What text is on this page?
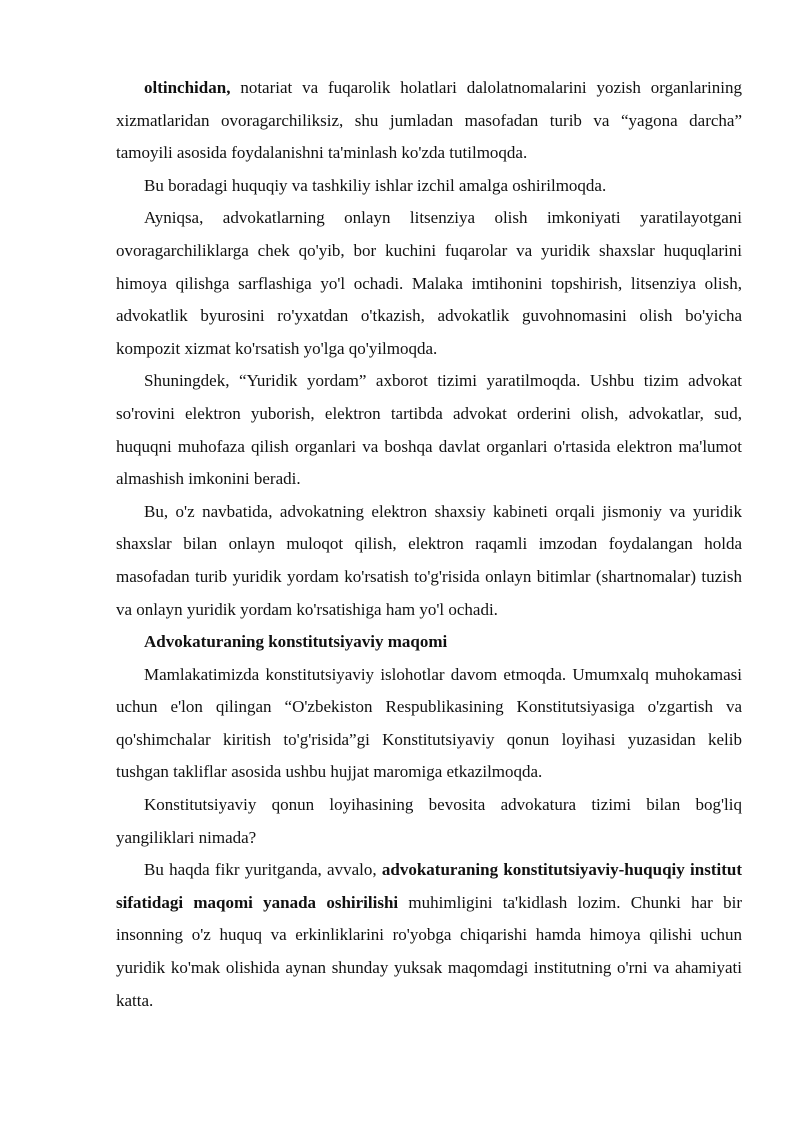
oltinchidan, notariat va fuqarolik holatlari dalolatnomalarini yozish organlarining xizmatlaridan ovoragarchiliksiz, shu jumladan masofadan turib va “yagona darcha” tamoyili asosida foydalanishni ta'minlash ko'zda tutilmoqda.

Bu boradagi huquqiy va tashkiliy ishlar izchil amalga oshirilmoqda.

Ayniqsa, advokatlarning onlayn litsenziya olish imkoniyati yaratilayotgani ovoragarchiliklarga chek qo'yib, bor kuchini fuqarolar va yuridik shaxslar huquqlarini himoya qilishga sarflashiga yo'l ochadi. Malaka imtihonini topshirish, litsenziya olish, advokatlik byurosini ro'yxatdan o'tkazish, advokatlik guvohnomasini olish bo'yicha kompozit xizmat ko'rsatish yo'lga qo'yilmoqda.

Shuningdek, “Yuridik yordam” axborot tizimi yaratilmoqda. Ushbu tizim advokat so'rovini elektron yuborish, elektron tartibda advokat orderini olish, advokatlar, sud, huquqni muhofaza qilish organlari va boshqa davlat organlari o'rtasida elektron ma'lumot almashish imkonini beradi.

Bu, o'z navbatida, advokatning elektron shaxsiy kabineti orqali jismoniy va yuridik shaxslar bilan onlayn muloqot qilish, elektron raqamli imzodan foydalangan holda masofadan turib yuridik yordam ko'rsatish to'g'risida onlayn bitimlar (shartnomalar) tuzish va onlayn yuridik yordam ko'rsatishiga ham yo'l ochadi.

Advokaturaning konstitutsiyaviy maqomi

Mamlakatimizda konstitutsiyaviy islohotlar davom etmoqda. Umumxalq muhokamasi uchun e'lon qilingan “O'zbekiston Respublikasining Konstitutsiyasiga o'zgartish va qo'shimchalar kiritish to'g'risida”gi Konstitutsiyaviy qonun loyihasi yuzasidan kelib tushgan takliflar asosida ushbu hujjat maromiga etkazilmoqda.

Konstitutsiyaviy qonun loyihasining bevosita advokatura tizimi bilan bog'liq yangiliklari nimada?

Bu haqda fikr yuritganda, avvalo, advokaturaning konstitutsiyaviy-huquqiy institut sifatidagi maqomi yanada oshirilishi muhimligini ta'kidlash lozim. Chunki har bir insonning o'z huquq va erkinliklarini ro'yobga chiqarishi hamda himoya qilishi uchun yuridik ko'mak olishida aynan shunday yuksak maqomdagi institutning o'rni va ahamiyati katta.
